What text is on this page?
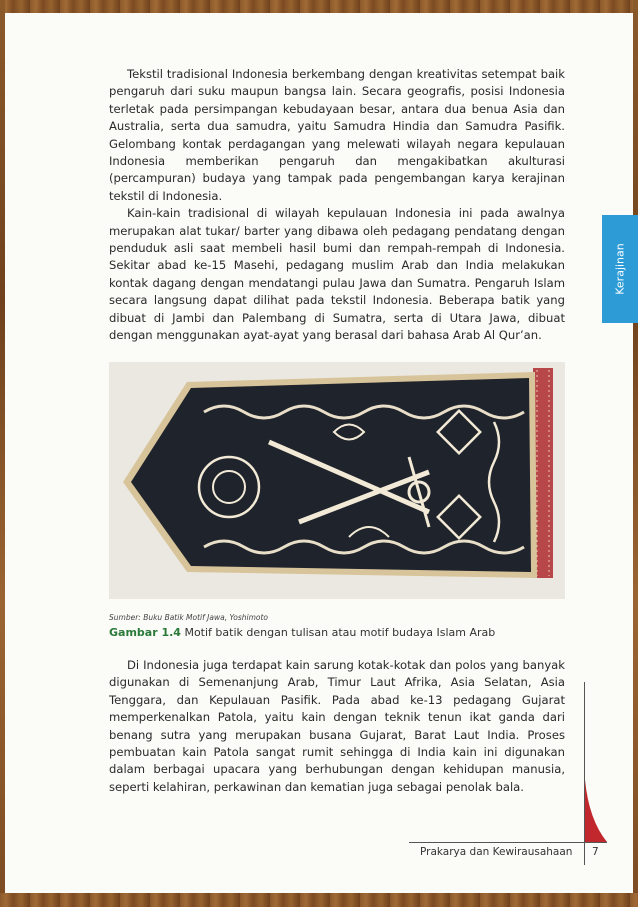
Kerajinan

Tekstil tradisional Indonesia berkembang dengan kreativitas setempat baik pengaruh dari suku maupun bangsa lain. Secara geografis, posisi Indonesia terletak pada persimpangan kebudayaan besar, antara dua benua Asia dan Australia, serta dua samudra, yaitu Samudra Hindia dan Samudra Pasifik. Gelombang kontak perdagangan yang melewati wilayah negara kepulauan Indonesia memberikan pengaruh dan mengakibatkan akulturasi (percampuran) budaya yang tampak pada pengembangan karya kerajinan tekstil di Indonesia.

Kain-kain tradisional di wilayah kepulauan Indonesia ini pada awalnya merupakan alat tukar/ barter yang dibawa oleh pedagang pendatang dengan penduduk asli saat membeli hasil bumi dan rempah-rempah di Indonesia. Sekitar abad ke-15 Masehi, pedagang muslim Arab dan India melakukan kontak dagang dengan mendatangi pulau Jawa dan Sumatra. Pengaruh Islam secara langsung dapat dilihat pada tekstil Indonesia. Beberapa batik yang dibuat di Jambi dan Palembang di Sumatra, serta di Utara Jawa, dibuat dengan menggunakan ayat-ayat yang berasal dari bahasa Arab Al Qur’an.

Sumber: Buku Batik Motif Jawa, Yoshimoto
Gambar 1.4 Motif batik dengan tulisan atau motif budaya Islam Arab

Di Indonesia juga terdapat kain sarung kotak-kotak dan polos yang banyak digunakan di Semenanjung Arab, Timur Laut Afrika, Asia Selatan, Asia Tenggara, dan Kepulauan Pasifik. Pada abad ke-13 pedagang Gujarat memperkenalkan Patola, yaitu kain dengan teknik tenun ikat ganda dari benang sutra yang merupakan busana Gujarat, Barat Laut India. Proses pembuatan kain Patola sangat rumit sehingga di India kain ini digunakan dalam berbagai upacara yang berhubungan dengan kehidupan manusia, seperti kelahiran, perkawinan dan kematian juga sebagai penolak bala.

Prakarya dan Kewirausahaan 7
